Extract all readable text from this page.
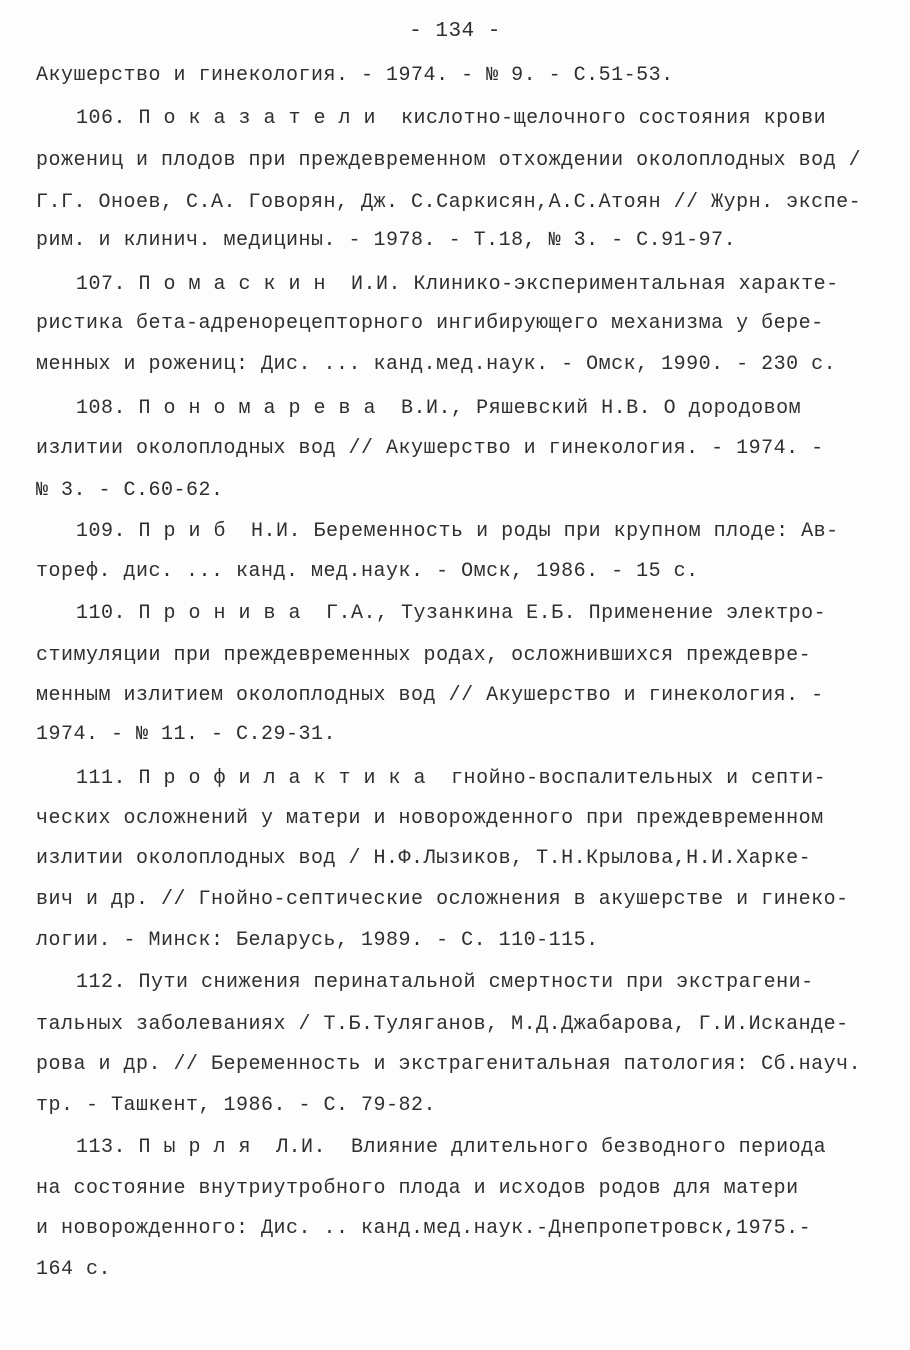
- 134 -
Акушерство и гинекология. - 1974. - № 9. - С.51-53.
106. П о к а з а т е л и  кислотно-щелочного состояния крови
рожениц и плодов при преждевременном отхождении околоплодных вод /
Г.Г. Оноев, С.А. Говорян, Дж. С.Саркисян,А.С.Атоян // Журн. экспе-
рим. и клинич. медицины. - 1978. - Т.18, № 3. - С.91-97.
107. П о м а с к и н  И.И. Клинико-экспериментальная характе-
ристика бета-адренорецепторного ингибирующего механизма у бере-
менных и рожениц: Дис. ... канд.мед.наук. - Омск, 1990. - 230 с.
108. П о н о м а р е в а  В.И., Ряшевский Н.В. О дородовом
излитии околоплодных вод // Акушерство и гинекология. - 1974. -
№ 3. - С.60-62.
109. П р и б  Н.И. Беременность и роды при крупном плоде: Ав-
тореф. дис. ... канд. мед.наук. - Омск, 1986. - 15 с.
110. П р о н и в а  Г.А., Тузанкина Е.Б. Применение электро-
стимуляции при преждевременных родах, осложнившихся преждевре-
менным излитием околоплодных вод // Акушерство и гинекология. -
1974. - № 11. - С.29-31.
111. П р о ф и л а к т и к а  гнойно-воспалительных и септи-
ческих осложнений у матери и новорожденного при преждевременном
излитии околоплодных вод / Н.Ф.Лызиков, Т.Н.Крылова,Н.И.Харке-
вич и др. // Гнойно-септические осложнения в акушерстве и гинеко-
логии. - Минск: Беларусь, 1989. - С. 110-115.
112. Пути снижения перинатальной смертности при экстрагени-
тальных заболеваниях / Т.Б.Туляганов, М.Д.Джабарова, Г.И.Искандe-
рова и др. // Беременность и экстрагенитальная патология: Сб.науч.
тр. - Ташкент, 1986. - С. 79-82.
113. П ы р л я  Л.И.  Влияние длительного безводного периода
на состояние внутриутробного плода и исходов родов для матери
и новорожденного: Дис. .. канд.мед.наук.-Днепропетровск,1975.-
164 с.
